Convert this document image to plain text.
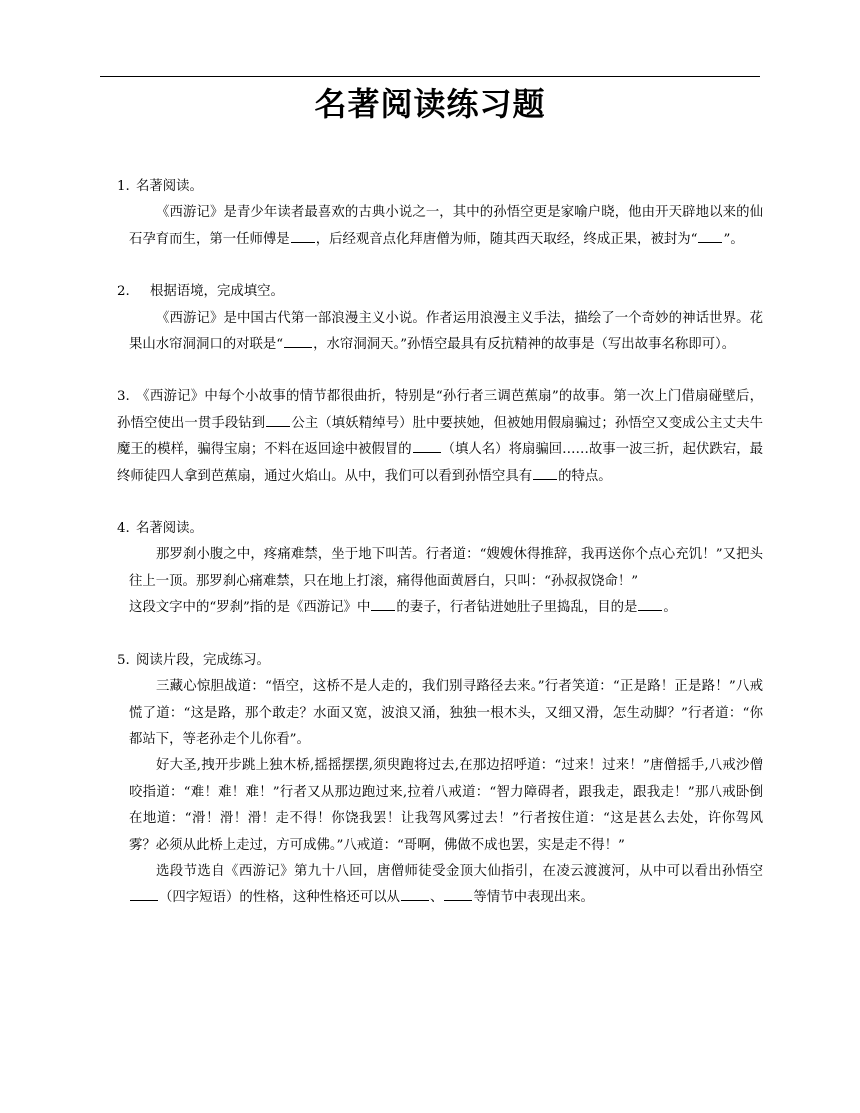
名著阅读练习题
1. 名著阅读。

《西游记》是青少年读者最喜欢的古典小说之一，其中的孙悟空更是家喻户晓，他由开天辟地以来的仙石孕育而生，第一任师傅是 ，后经观音点化拜唐僧为师，随其西天取经，终成正果，被封为“ ”。

2. 根据语境，完成填空。

《西游记》是中国古代第一部浪漫主义小说。作者运用浪漫主义手法，描绘了一个奇妙的神话世界。花果山水帘洞洞口的对联是“ ，水帘洞洞天。”孙悟空最具有反抗精神的故事是（写出故事名称即可）。

3. 《西游记》中每个小故事的情节都很曲折，特别是“孙行者三调芭蕉扇”的故事。第一次上门借扇碰壁后，孙悟空使出一贯手段钻到 公主（填妖精绰号）肚中要挟她，但被她用假扇骗过；孙悟空又变成公主丈夫牛魔王的模样，骗得宝扇；不料在返回途中被假冒的 （填人名）将扇骗回……故事一波三折，起伏跌宕，最终师徒四人拿到芭蕉扇，通过火焰山。从中，我们可以看到孙悟空具有 的特点。

4. 名著阅读。

那罗刹小腹之中，疼痛难禁，坐于地下叫苦。行者道：“嫂嫂休得推辞，我再送你个点心充饥！”又把头往上一顶。那罗刹心痛难禁，只在地上打滚，痛得他面黄唇白，只叫：“孙叔叔饶命！”

这段文字中的“罗刹”指的是《西游记》中 的妻子，行者钻进她肚子里捣乱，目的是 。

5. 阅读片段，完成练习。

三藏心惊胆战道：“悟空，这桥不是人走的，我们别寻路径去来。”行者笑道：“正是路！正是路！”八戒慌了道：“这是路，那个敢走？水面又宽，波浪又涌，独独一根木头，又细又滑，怎生动脚？”行者道：“你都站下，等老孙走个儿你看”。

好大圣,拽开步跳上独木桥,摇摇摆摆,须臾跑将过去,在那边招呼道：“过来！过来！”唐僧摇手,八戒沙僧咬指道：“难！难！难！”行者又从那边跑过来,拉着八戒道：“智力障碍者，跟我走，跟我走！”那八戒卧倒在地道：“滑！滑！滑！走不得！你饶我罢！让我驾风雾过去！”行者按住道：“这是甚么去处，许你驾风雾？必须从此桥上走过，方可成佛。”八戒道：“哥啊，佛做不成也罢，实是走不得！”

选段节选自《西游记》第九十八回，唐僧师徒受金顶大仙指引，在凌云渡渡河，从中可以看出孙悟空（四字短语）的性格，这种性格还可以从 、 等情节中表现出来。
